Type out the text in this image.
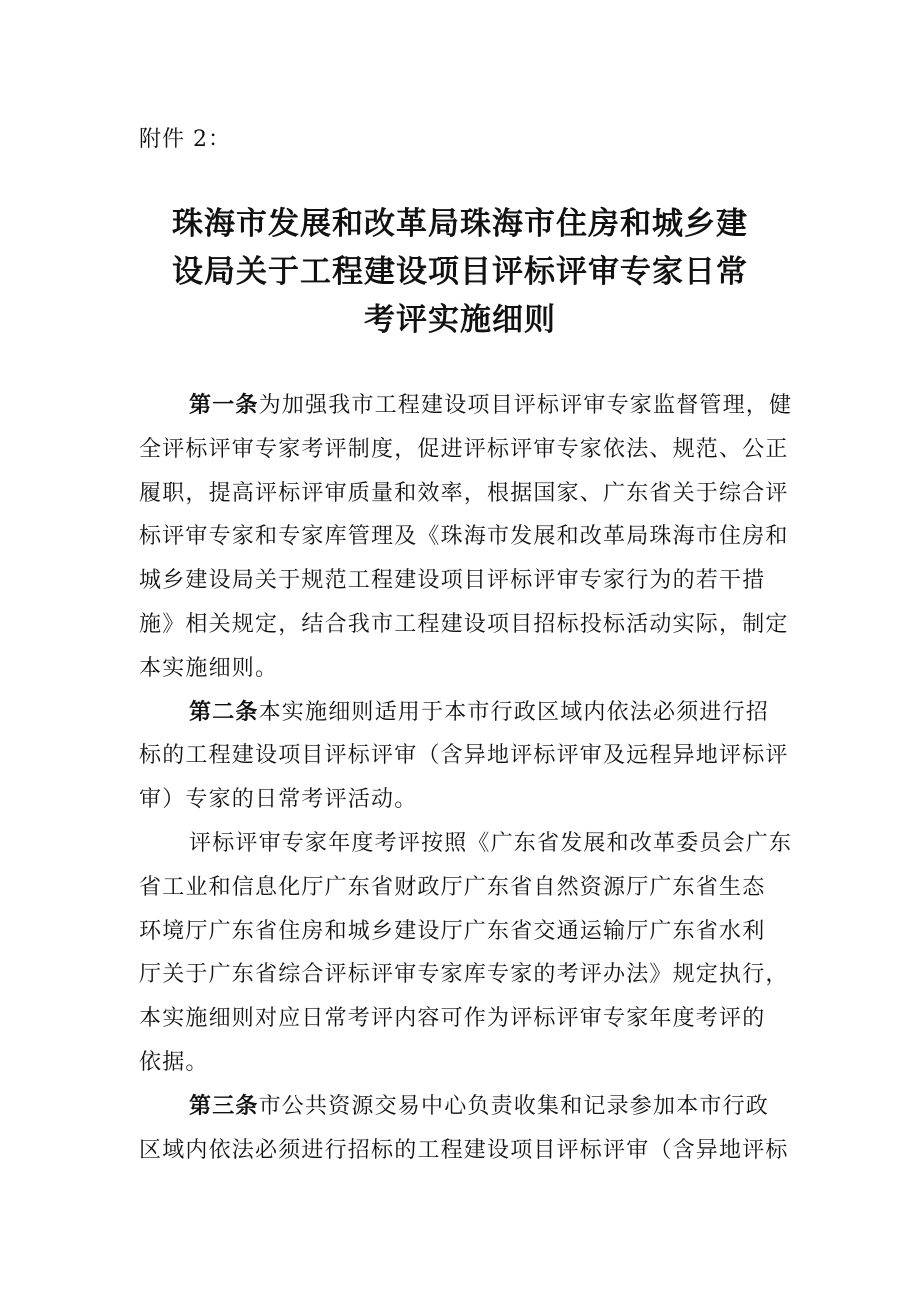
附件 2：
珠海市发展和改革局珠海市住房和城乡建
设局关于工程建设项目评标评审专家日常
考评实施细则
第一条为加强我市工程建设项目评标评审专家监督管理，健
全评标评审专家考评制度，促进评标评审专家依法、规范、公正
履职，提高评标评审质量和效率，根据国家、广东省关于综合评
标评审专家和专家库管理及《珠海市发展和改革局珠海市住房和
城乡建设局关于规范工程建设项目评标评审专家行为的若干措
施》相关规定，结合我市工程建设项目招标投标活动实际，制定
本实施细则。
第二条本实施细则适用于本市行政区域内依法必须进行招
标的工程建设项目评标评审（含异地评标评审及远程异地评标评
审）专家的日常考评活动。
评标评审专家年度考评按照《广东省发展和改革委员会广东
省工业和信息化厅广东省财政厅广东省自然资源厅广东省生态
环境厅广东省住房和城乡建设厅广东省交通运输厅广东省水利
厅关于广东省综合评标评审专家库专家的考评办法》规定执行，
本实施细则对应日常考评内容可作为评标评审专家年度考评的
依据。
第三条市公共资源交易中心负责收集和记录参加本市行政
区域内依法必须进行招标的工程建设项目评标评审（含异地评标
